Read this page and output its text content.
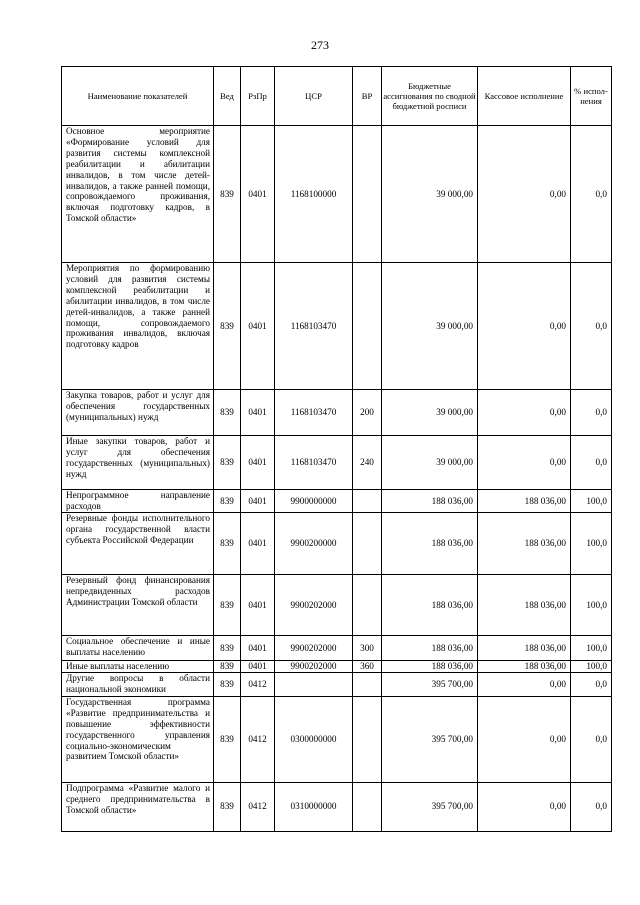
273
Наименование показателей	Вед	РзПр	ЦСР	ВР	Бюджетные ассигнования по сводной бюджетной росписи	Кассовое исполнение	% испол-нения
Основное мероприятие «Формирование условий для развития системы комплексной реабилитации и абилитации инвалидов, в том числе детей-инвалидов, а также ранней помощи, сопровождаемого проживания, включая подготовку кадров, в Томской области»	839	0401	1168100000		39 000,00	0,00	0,0
Мероприятия по формированию условий для развития системы комплексной реабилитации и абилитации инвалидов, в том числе детей-инвалидов, а также ранней помощи, сопровождаемого проживания инвалидов, включая подготовку кадров	839	0401	1168103470		39 000,00	0,00	0,0
Закупка товаров, работ и услуг для обеспечения государственных (муниципальных) нужд	839	0401	1168103470	200	39 000,00	0,00	0,0
Иные закупки товаров, работ и услуг для обеспечения государственных (муниципальных) нужд	839	0401	1168103470	240	39 000,00	0,00	0,0
Непрограммное направление расходов	839	0401	9900000000		188 036,00	188 036,00	100,0
Резервные фонды исполнительного органа государственной власти субъекта Российской Федерации	839	0401	9900200000		188 036,00	188 036,00	100,0
Резервный фонд финансирования непредвиденных расходов Администрации Томской области	839	0401	9900202000		188 036,00	188 036,00	100,0
Социальное обеспечение и иные выплаты населению	839	0401	9900202000	300	188 036,00	188 036,00	100,0
Иные выплаты населению	839	0401	9900202000	360	188 036,00	188 036,00	100,0
Другие вопросы в области национальной экономики	839	0412			395 700,00	0,00	0,0
Государственная программа «Развитие предпринимательства и повышение эффективности государственного управления социально-экономическим развитием Томской области»	839	0412	0300000000		395 700,00	0,00	0,0
Подпрограмма «Развитие малого и среднего предпринимательства в Томской области»	839	0412	0310000000		395 700,00	0,00	0,0
